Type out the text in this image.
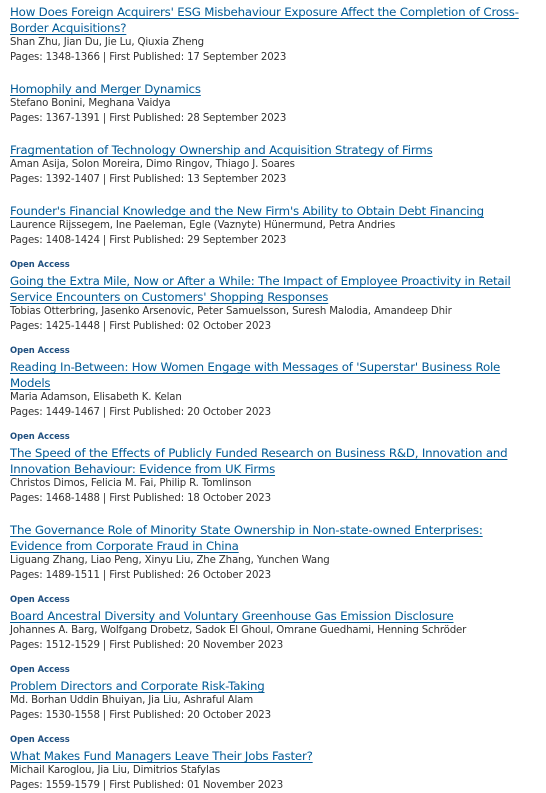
How Does Foreign Acquirers' ESG Misbehaviour Exposure Affect the Completion of Cross-Border Acquisitions?
Shan Zhu, Jian Du, Jie Lu, Qiuxia Zheng
Pages: 1348-1366 | First Published: 17 September 2023
Homophily and Merger Dynamics
Stefano Bonini, Meghana Vaidya
Pages: 1367-1391 | First Published: 28 September 2023
Fragmentation of Technology Ownership and Acquisition Strategy of Firms
Aman Asija, Solon Moreira, Dimo Ringov, Thiago J. Soares
Pages: 1392-1407 | First Published: 13 September 2023
Founder's Financial Knowledge and the New Firm's Ability to Obtain Debt Financing
Laurence Rijssegem, Ine Paeleman, Egle (Vaznyte) Hünermund, Petra Andries
Pages: 1408-1424 | First Published: 29 September 2023
Open Access
Going the Extra Mile, Now or After a While: The Impact of Employee Proactivity in Retail Service Encounters on Customers' Shopping Responses
Tobias Otterbring, Jasenko Arsenovic, Peter Samuelsson, Suresh Malodia, Amandeep Dhir
Pages: 1425-1448 | First Published: 02 October 2023
Open Access
Reading In-Between: How Women Engage with Messages of 'Superstar' Business Role Models
Maria Adamson, Elisabeth K. Kelan
Pages: 1449-1467 | First Published: 20 October 2023
Open Access
The Speed of the Effects of Publicly Funded Research on Business R&D, Innovation and Innovation Behaviour: Evidence from UK Firms
Christos Dimos, Felicia M. Fai, Philip R. Tomlinson
Pages: 1468-1488 | First Published: 18 October 2023
The Governance Role of Minority State Ownership in Non-state-owned Enterprises: Evidence from Corporate Fraud in China
Liguang Zhang, Liao Peng, Xinyu Liu, Zhe Zhang, Yunchen Wang
Pages: 1489-1511 | First Published: 26 October 2023
Open Access
Board Ancestral Diversity and Voluntary Greenhouse Gas Emission Disclosure
Johannes A. Barg, Wolfgang Drobetz, Sadok El Ghoul, Omrane Guedhami, Henning Schröder
Pages: 1512-1529 | First Published: 20 November 2023
Open Access
Problem Directors and Corporate Risk-Taking
Md. Borhan Uddin Bhuiyan, Jia Liu, Ashraful Alam
Pages: 1530-1558 | First Published: 20 October 2023
Open Access
What Makes Fund Managers Leave Their Jobs Faster?
Michail Karoglou, Jia Liu, Dimitrios Stafylas
Pages: 1559-1579 | First Published: 01 November 2023
